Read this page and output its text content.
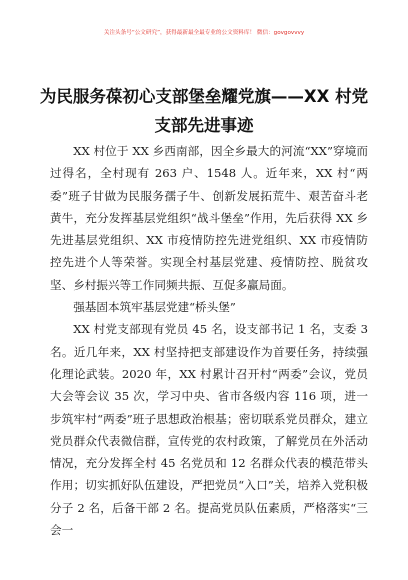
关注头条号“公文研究”，获得最新最全最专业的公文资料库！ 微信：govgovvvy
为民服务葆初心支部堡垒耀党旗——XX 村党
支部先进事迹

XX 村位于 XX 乡西南部，因全乡最大的河流“XX”穿境而过得名，全村现有 263 户、1548 人。近年来，XX 村“两委”班子甘做为民服务孺子牛、创新发展拓荒牛、艰苦奋斗老黄牛，充分发挥基层党组织“战斗堡垒”作用，先后获得 XX 乡先进基层党组织、XX 市疫情防控先进党组织、XX 市疫情防控先进个人等荣誉。实现全村基层党建、疫情防控、脱贫攻坚、乡村振兴等工作同频共振、互促多赢局面。

强基固本筑牢基层党建“桥头堡”

XX 村党支部现有党员 45 名，设支部书记 1 名，支委 3 名。近几年来，XX 村坚持把支部建设作为首要任务，持续强化理论武装。2020 年，XX 村累计召开村“两委”会议，党员大会等会议 35 次，学习中央、省市各级内容 116 项，进一步筑牢村“两委”班子思想政治根基；密切联系党员群众，建立党员群众代表微信群，宣传党的农村政策，了解党员在外活动情况，充分发挥全村 45 名党员和 12 名群众代表的模范带头作用；切实抓好队伍建设，严把党员“入口”关，培养入党积极分子 2 名，后备干部 2 名。提高党员队伍素质，严格落实“三会一
